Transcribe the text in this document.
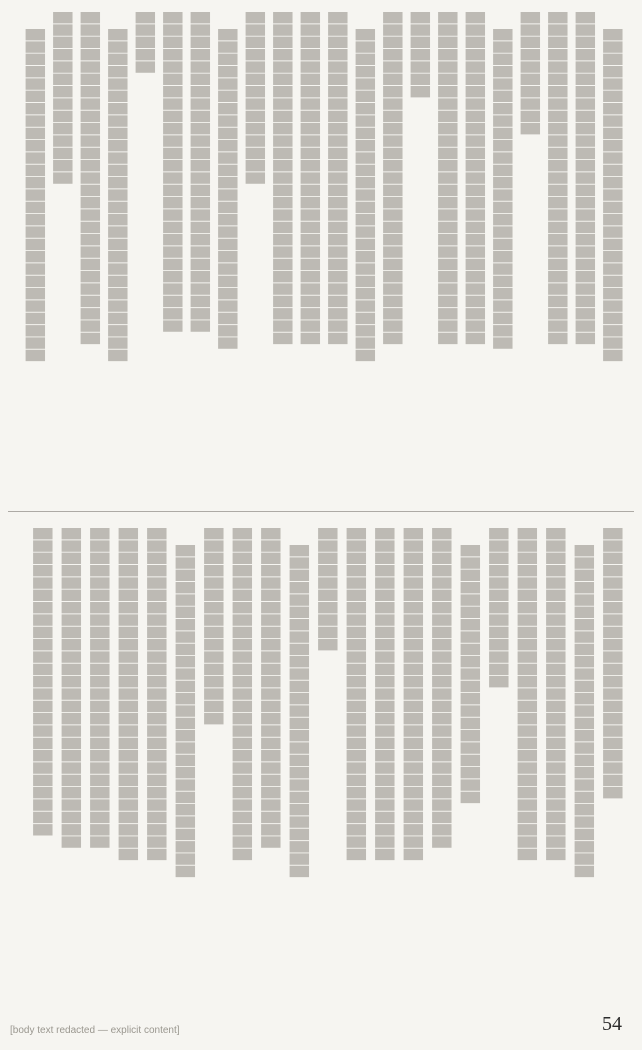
███████████████████████████

███████████████████████████

███████████████████████████

██████████

██████████████████████████

███████████████████████████

███████████████████████████

███████

███████████████████████████

███████████████████████████

███████████████████████████

███████████████████████████

███████████████████████████

██████████████

██████████████████████████

██████████████████████████

██████████████████████████

█████

███████████████████████████

███████████████████████████

██████████████

███████████████████████████

██████████████████████

███████████████████████████

███████████████████████████

███████████████████████████

█████████████

█████████████████████

██████████████████████████

███████████████████████████

███████████████████████████

███████████████████████████

██████████

███████████████████████████

██████████████████████████

███████████████████████████

████████████████

███████████████████████████

███████████████████████████

███████████████████████████

██████████████████████████

██████████████████████████

█████████████████████████

54
[body text redacted — explicit content]
